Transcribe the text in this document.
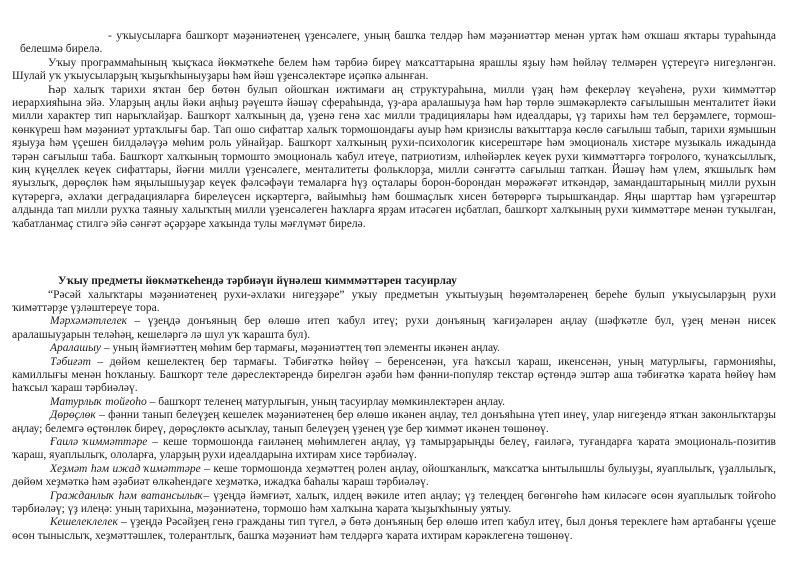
- уҡыусыларға башҡорт мәҙәниәтенең үҙенсәлеге, уның башҡа телдәр һәм мәҙәниәттәр менән уртаҡ һәм оҡшаш яҡтары тураһында белешмә бирелә.

Уҡыу программаһының ҡыҫҡаса йөкмәткеһе белем һәм тәрбиә биреү маҡсаттарына ярашлы яҙыу һәм һөйләү телмәрен үҫтереүгә нигеҙләнгән. Шулай уҡ уҡыусыларҙың ҡыҙыҡһыныуҙары һәм йәш үҙенсәлектәре иҫәпкә алынған.

Һәр халыҡ тарихи яҡтан бер бөтөн булып ойошҡан ижтимағи аң структураһына, милли үҙаң һәм фекерләү ҡеүәһенә, рухи ҡиммәттәр иерархияһына эйә. Уларҙың аңлы йәки аңһыҙ рәүештә йәшәү сфераһында, үҙ-ара аралашыуҙа һәм һәр төрлө эшмәкәрлектә сағылышын менталитет йәки милли характер тип нарыҡлайҙар. Башҡорт халҡының да, үҙенә генә хас милли традициялары һәм идеалдары, үҙ тарихы һәм тел берҙәмлеге, тормош-көнкүреш һәм мәҙәниәт уртаҡлығы бар. Тап ошо сифаттар халыҡ тормошондағы ауыр һәм кризислы ваҡыттарҙа көслө сағылыш табып, тарихи яҙмышын яҙыуҙа һәм үҫешен билдәләүҙә мөһим роль уйнайҙар. Башҡорт халҡының рухи-психологик кисерештәре һәм эмоциональ хистәре музыкаль ижадында тәрән сағылыш таба. Башҡорт халҡының тормошто эмоциональ ҡабул итеүе, патриотизм, илһөйәрлек кеүек рухи ҡиммәттәргә тоғролоғо, ҡунаҡсыллыҡ, киң күңеллек кеүек сифаттары, йәғни милли үҙенсәлеге, менталитеты фольклорҙа, милли сәнғәттә сағылыш тапҡан. Йәшәү һәм үлем, яҡшылыҡ һәм яуызлыҡ, дөрөҫлөк һәм яңылышыуҙар кеүек фәлсәфәүи темаларға һүҙ оҫталары борон-борондан мөрәжәғәт иткәндәр, замандаштарының милли рухын күтәрергә, әхлаҡи деградацияларға бирелеүсен иҫкәртергә, вайымһыҙ һәм бошмаҫлыҡ хисен бөтөрөргә тырышҡандар. Яңы шарттар һәм үҙгәрештәр алдында тап милли рухҡа таяныу халыҡтың милли үҙенсәлеген һаҡларға ярҙам итәсәген иҫбатлап, башҡорт халҡының рухи ҡиммәттәре менән туҡылған, ҡабатланмаҫ стилгә эйә сәнғәт әҫәрҙәре хаҡында тулы мәғлүмәт бирелә.

Уҡыу предметы йөкмәткеһендә тәрбиәүи йүнәлеш ҡимммәттәрен тасуирлау

“Рәсәй халыҡтары мәҙәниәтенең рухи-әхлаҡи нигеҙҙәре” уҡыу предметын уҡытыуҙың һөҙөмтәләренең береһе булып уҡыусыларҙың рухи ҡимәттәрҙе үҙләштереүе тора.

Мәрхәмәтлелек – үҙеңдә донъяның бер өлөшө итеп ҡабул итеү; рухи донъяның ҡағиҙәләрен аңлау (шәфҡәтле бул, үҙең менән нисек аралашыуҙарын теләһәң, кешеләргә лә шул уҡ ҡарашта бул).

Аралашыу – уның йәмғиәттең мөһим бер тармағы, мәҙәниәттең төп элементы икәнен аңлау.

Тәбиғәт – дөйөм кешелектең бер тармағы. Тәбиғәткә һөйөү – беренсенән, уға һаҡсыл ҡараш, икенсенән, уның матурлығы, гармонияһы, камиллығы менән һоҡланыу. Башҡорт теле дәреслектәрендә бирелгән әҙәби һәм фәнни-популяр текстар өҫтөндә эштәр аша тәбиғәткә ҡарата һөйөү һәм һаҡсыл ҡараш тәрбиәләү.

Матурлыҡ тойғоһо – башҡорт теленең матурлығын, уның тасуирлау мөмкинлектәрен аңлау.

Дөрөҫлөк – фәнни танып белеүҙең кешелек мәҙәниәтенең бер өлөшө икәнен аңлау, тел донъяһына үтеп инеү, улар нигеҙендә ятҡан законлыҡтарҙы аңлау; белемгә өҫтөнлөк биреү, дөрөҫлөктө асыҡлау, танып белеүҙең үҙенең үҙе бер ҡиммәт икәнен төшөнөү.

Ғаилә ҡиммәттәре – кеше тормошонда ғаиләнең мөһимлеген аңлау, үҙ тамырҙарыңды белеү, ғаиләгә, туғандарға ҡарата эмоциональ-позитив ҡараш, яуаплылыҡ, ололарға, уларҙың рухи идеалдарына ихтирам хисе тәрбиәләү.

Хеҙмәт һәм ижад ҡимәттәре – кеше тормошонда хеҙмәттең ролен аңлау, ойошҡанлыҡ, маҡсатҡа ынтылышлы булыуҙы, яуаплылыҡ, үҙаллылыҡ, дөйөм хеҙмәткә һәм әҙәбиәт өлкәһендәге хеҙмәткә, ижадҡа баһалы ҡараш тәрбиәләү.

Гражданлыҡ һәм ватансылыҡ– үҙеңдә йәмғиәт, халыҡ, илдең вәкиле итеп аңлау; үҙ телеңдең бөгөнгөһө һәм киләсәге өсөн яуаплылыҡ тойғоһо тәрбиәләү; үҙ илеңә: уның тарихына, мәҙәниәтенә, тормошо һәм халҡына ҡарата ҡыҙыҡһыныу уятыу.

Кешелеклелек – үҙеңдә Рәсәйҙең генә гражданы тип түгел, ә бөтә донъяның бер өлөшө итеп ҡабул итеү, был донъя тереклеге һәм артабанғы үҫеше өсөн тыныслыҡ, хеҙмәттәшлек, толерантлыҡ, башҡа мәҙәниәт һәм телдәргә ҡарата ихтирам кәрәклегенә төшөнөү.
